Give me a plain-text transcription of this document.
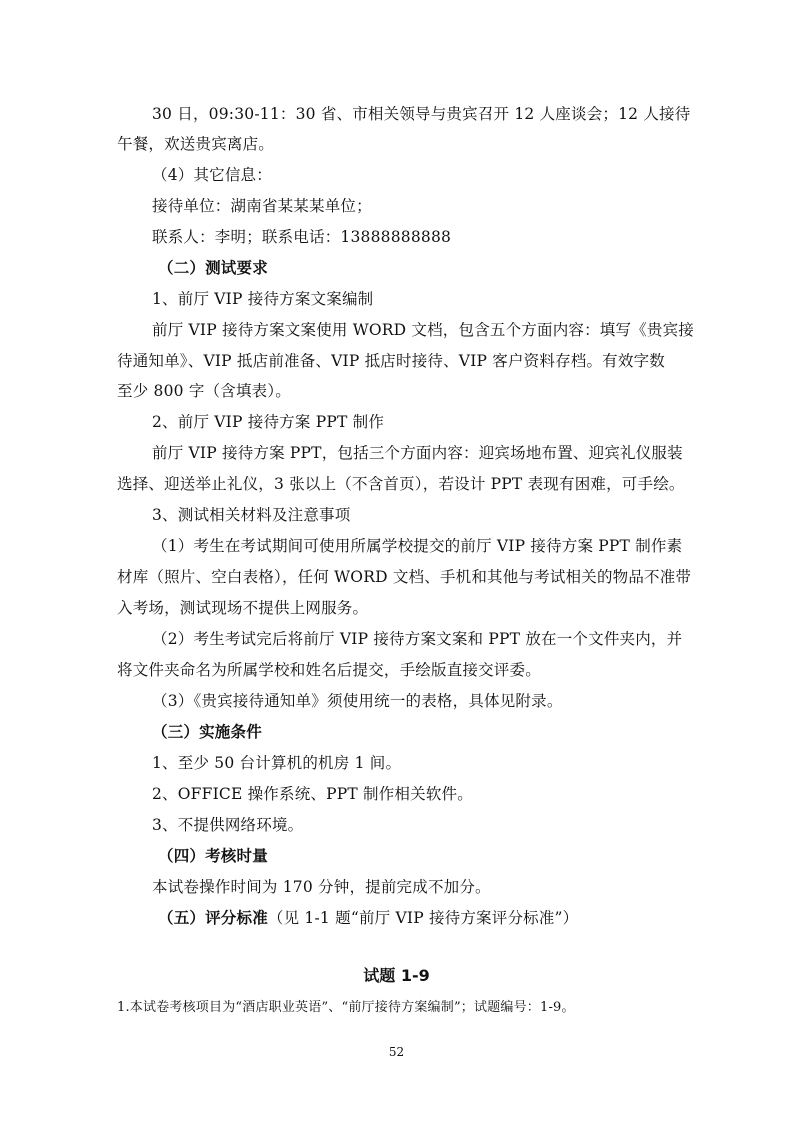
30 日，09:30-11：30 省、市相关领导与贵宾召开 12 人座谈会；12 人接待
午餐，欢送贵宾离店。
（4）其它信息：
接待单位：湖南省某某某单位；
联系人：李明；联系电话：13888888888
（二）测试要求
1、前厅 VIP 接待方案文案编制
前厅 VIP 接待方案文案使用 WORD 文档，包含五个方面内容：填写《贵宾接
待通知单》、VIP 抵店前准备、VIP 抵店时接待、VIP 客户资料存档。有效字数
至少 800 字（含填表）。
2、前厅 VIP 接待方案 PPT 制作
前厅 VIP 接待方案 PPT，包括三个方面内容：迎宾场地布置、迎宾礼仪服装
选择、迎送举止礼仪，3 张以上（不含首页），若设计 PPT 表现有困难，可手绘。
3、测试相关材料及注意事项
（1）考生在考试期间可使用所属学校提交的前厅 VIP 接待方案 PPT 制作素
材库（照片、空白表格），任何 WORD 文档、手机和其他与考试相关的物品不准带
入考场，测试现场不提供上网服务。
（2）考生考试完后将前厅 VIP 接待方案文案和 PPT 放在一个文件夹内，并
将文件夹命名为所属学校和姓名后提交，手绘版直接交评委。
（3）《贵宾接待通知单》须使用统一的表格，具体见附录。
（三）实施条件
1、至少 50 台计算机的机房 1 间。
2、OFFICE 操作系统、PPT 制作相关软件。
3、不提供网络环境。
（四）考核时量
本试卷操作时间为 170 分钟，提前完成不加分。
（五）评分标准（见 1-1 题“前厅 VIP 接待方案评分标准”）
试题 1-9
1.本试卷考核项目为“酒店职业英语”、“前厅接待方案编制”；试题编号：1-9。
52
